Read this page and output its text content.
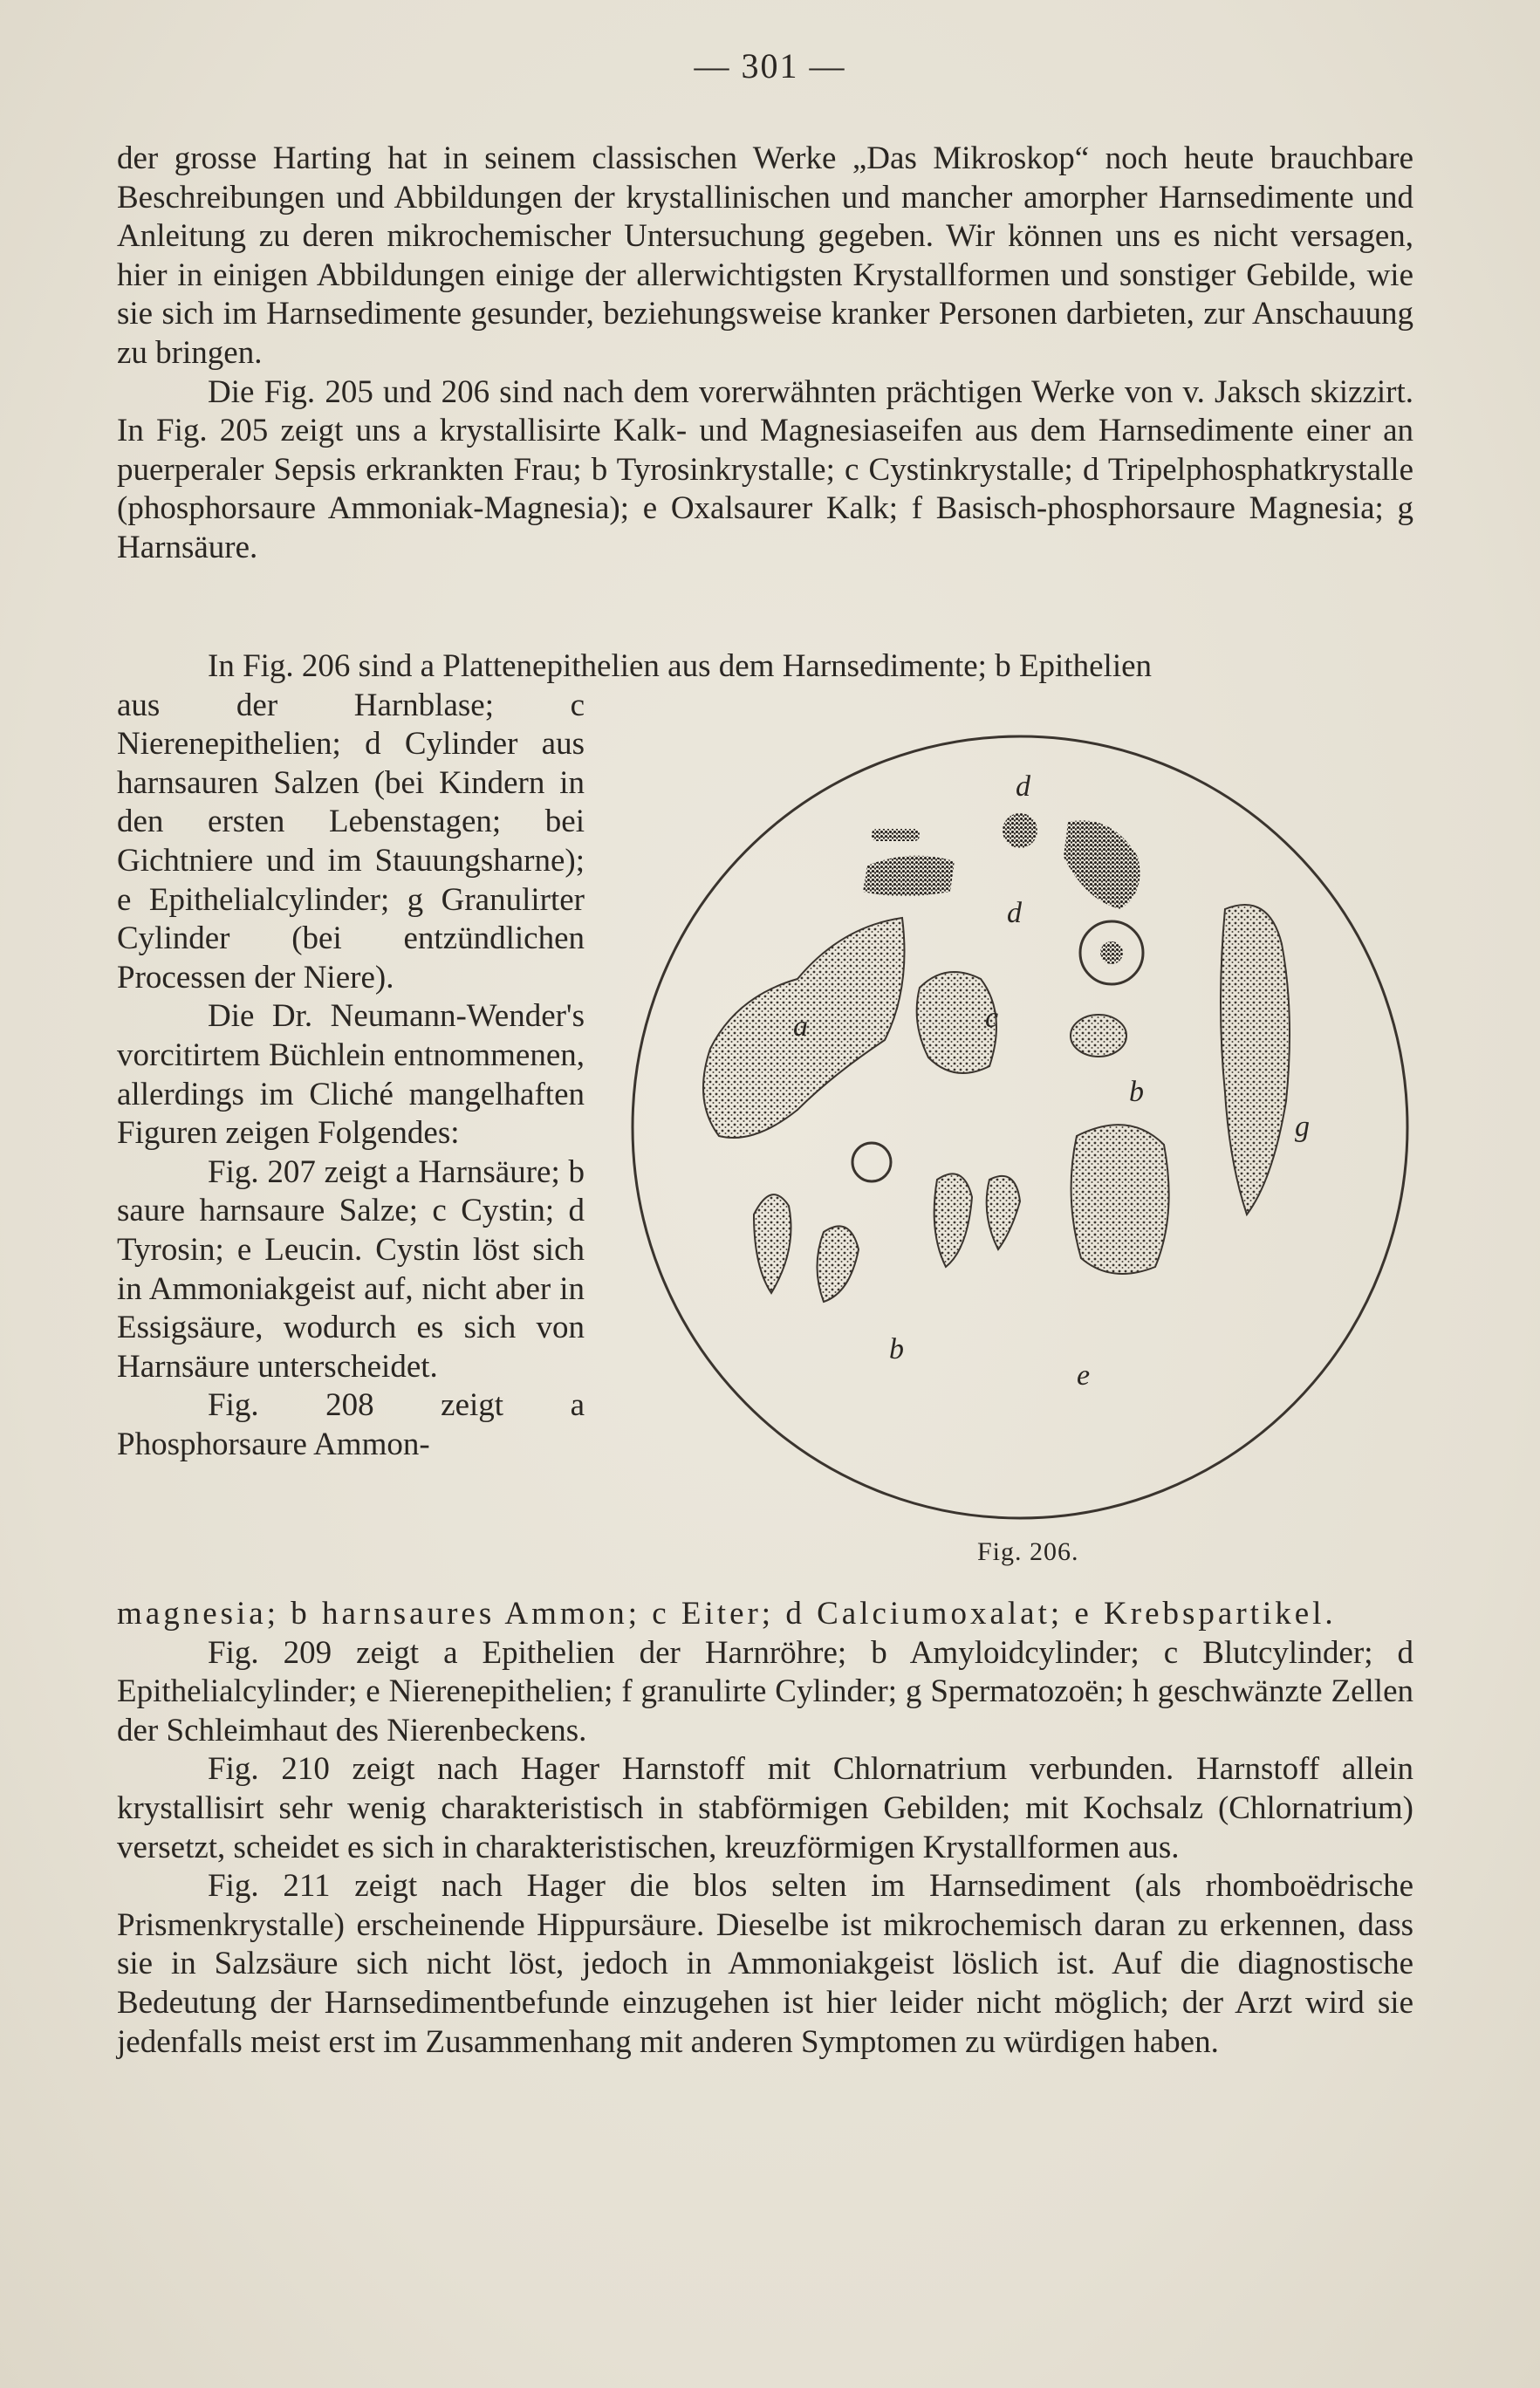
— 301 —

der grosse Harting hat in seinem classischen Werke „Das Mikroskop“ noch heute brauchbare Beschreibungen und Abbildungen der krystallinischen und mancher amorpher Harnsedimente und Anleitung zu deren mikrochemischer Untersuchung gegeben. Wir können uns es nicht versagen, hier in einigen Abbildungen einige der allerwichtigsten Krystallformen und sonstiger Gebilde, wie sie sich im Harnsedimente gesunder, beziehungsweise kranker Personen darbieten, zur Anschauung zu bringen.

Die Fig. 205 und 206 sind nach dem vorerwähnten prächtigen Werke von v. Jaksch skizzirt. In Fig. 205 zeigt uns a krystallisirte Kalk- und Magnesiaseifen aus dem Harnsedimente einer an puerperaler Sepsis erkrankten Frau; b Tyrosinkrystalle; c Cystinkrystalle; d Tripelphosphatkrystalle (phosphorsaure Ammoniak-Magnesia); e Oxalsaurer Kalk; f Basisch-phosphorsaure Magnesia; g Harnsäure.

In Fig. 206 sind a Plattenepithelien aus dem Harnsedimente; b Epithelien

aus der Harnblase; c Nierenepithelien; d Cylinder aus harnsauren Salzen (bei Kindern in den ersten Lebenstagen; bei Gichtniere und im Stauungsharne); e Epithelialcylinder; g Granulirter Cylinder (bei entzündlichen Processen der Niere).

Die Dr. Neumann-Wender's vorcitirtem Büchlein entnommenen, allerdings im Cliché mangelhaften Figuren zeigen Folgendes:

Fig. 207 zeigt a Harnsäure; b saure harnsaure Salze; c Cystin; d Tyrosin; e Leucin. Cystin löst sich in Ammoniakgeist auf, nicht aber in Essigsäure, wodurch es sich von Harnsäure unterscheidet.

Fig. 208 zeigt a Phosphorsaure Ammon-

magnesia; b harnsaures Ammon; c Eiter; d Calciumoxalat; e Krebspartikel.

Fig. 209 zeigt a Epithelien der Harnröhre; b Amyloidcylinder; c Blutcylinder; d Epithelialcylinder; e Nierenepithelien; f granulirte Cylinder; g Spermatozoën; h geschwänzte Zellen der Schleimhaut des Nierenbeckens.

Fig. 210 zeigt nach Hager Harnstoff mit Chlornatrium verbunden. Harnstoff allein krystallisirt sehr wenig charakteristisch in stabförmigen Gebilden; mit Kochsalz (Chlornatrium) versetzt, scheidet es sich in charakteristischen, kreuzförmigen Krystallformen aus.

Fig. 211 zeigt nach Hager die blos selten im Harnsediment (als rhomboëdrische Prismenkrystalle) erscheinende Hippursäure. Dieselbe ist mikrochemisch daran zu erkennen, dass sie in Salzsäure sich nicht löst, jedoch in Ammoniakgeist löslich ist. Auf die diagnostische Bedeutung der Harnsedimentbefunde einzugehen ist hier leider nicht möglich; der Arzt wird sie jedenfalls meist erst im Zusammenhang mit anderen Symptomen zu würdigen haben.

d
d
a	c
b
g
b
e
Fig. 206.
